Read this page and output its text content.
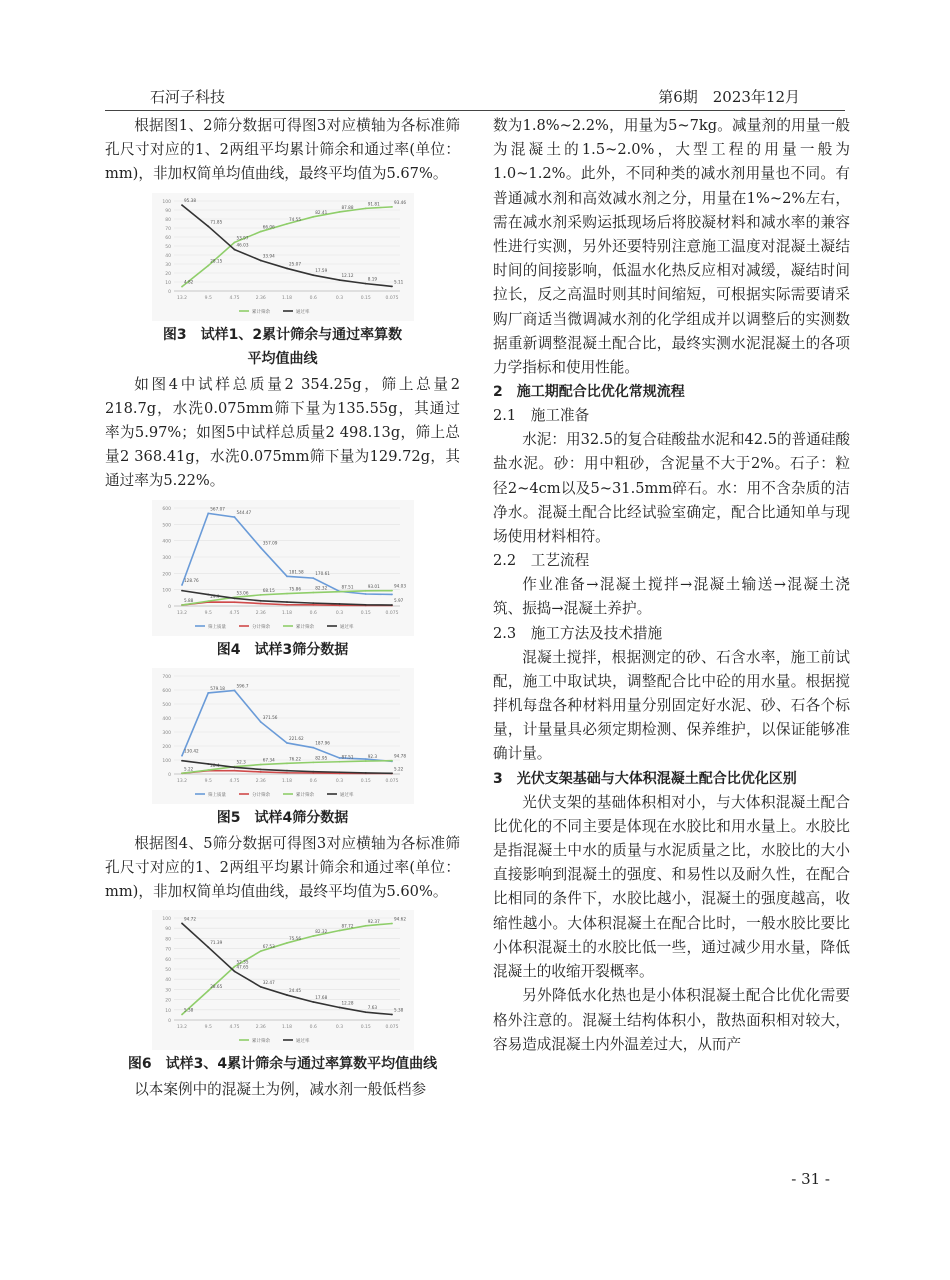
石河子科技	第6期　2023年12月

根据图1、2筛分数据可得图3对应横轴为各标准筛孔尺寸对应的1、2两组平均累计筛余和通过率(单位：mm)，非加权简单均值曲线，最终平均值为5.67%。

0
10
20
30
40
50
60
70
80
90
100
13.2	9.5	4.75	2.36	1.18	0.6	0.3	0.15	0.075
4.82
28.15
53.97
66.06
74.55
82.41
87.88
91.81	93.46
95.38
71.85
46.03
33.94
25.07
17.59
12.12
8.19
5.11
累计筛余	通过率
图3　试样1、2累计筛余与通过率算数
平均值曲线

如图4中试样总质量2 354.25g，筛上总量2 218.7g，水洗0.075mm筛下量为135.55g，其通过率为5.97%；如图5中试样总质量2 498.13g，筛上总量2 368.41g，水洗0.075mm筛下量为129.72g，其通过率为5.22%。

0
100
200
300
400
500
600
13.2	9.5	4.75	2.36	1.18	0.6	0.3	0.15	0.075
128.76
567.07
544.47
357.09
181.58	170.61
5.88
29.9
53.06	68.15	75.86	82.32	87.51	93.01	94.03
5.97
筛上质量	分计筛余	累计筛余	通过率
图4　试样3筛分数据
0
100
200
300
400
500
600
700
13.2	9.5	4.75	2.36	1.18	0.6	0.3	0.15	0.075
130.42
579.18	596.7
371.56
221.62
187.96
5.22
28.4
52.3	67.34	76.22	82.95	87.51	92.3	94.78
5.22
筛上质量	分计筛余	累计筛余	通过率
图5　试样4筛分数据

根据图4、5筛分数据可得图3对应横轴为各标准筛孔尺寸对应的1、2两组平均累计筛余和通过率(单位：mm)，非加权简单均值曲线，最终平均值为5.60%。

0
10
20
30
40
50
60
70
80
90
100
13.2	9.5	4.75	2.36	1.18	0.6	0.3	0.15	0.075
5.38
28.65
52.35
67.53
75.56
82.32
87.72
92.37	94.62
94.72
71.39
47.65
32.47
24.45
17.68
12.28
7.63	5.38
累计筛余	通过率
图6　试样3、4累计筛余与通过率算数平均值曲线

以本案例中的混凝土为例，减水剂一般低档参

数为1.8%~2.2%，用量为5~7kg。减量剂的用量一般为混凝土的1.5~2.0%，大型工程的用量一般为1.0~1.2%。此外，不同种类的减水剂用量也不同。有普通减水剂和高效减水剂之分，用量在1%~2%左右，需在减水剂采购运抵现场后将胶凝材料和减水率的兼容性进行实测，另外还要特别注意施工温度对混凝土凝结时间的间接影响，低温水化热反应相对减缓，凝结时间拉长，反之高温时则其时间缩短，可根据实际需要请采购厂商适当微调减水剂的化学组成并以调整后的实测数据重新调整混凝土配合比，最终实测水泥混凝土的各项力学指标和使用性能。

2　施工期配合比优化常规流程
2.1　施工准备

水泥：用32.5的复合硅酸盐水泥和42.5的普通硅酸盐水泥。砂：用中粗砂，含泥量不大于2%。石子：粒径2~4cm以及5~31.5mm碎石。水：用不含杂质的洁净水。混凝土配合比经试验室确定，配合比通知单与现场使用材料相符。

2.2　工艺流程

作业准备→混凝土搅拌→混凝土输送→混凝土浇筑、振捣→混凝土养护。

2.3　施工方法及技术措施

混凝土搅拌，根据测定的砂、石含水率，施工前试配，施工中取试块，调整配合比中砼的用水量。根据搅拌机每盘各种材料用量分别固定好水泥、砂、石各个标量，计量量具必须定期检测、保养维护，以保证能够准确计量。

3　光伏支架基础与大体积混凝土配合比优化区别

光伏支架的基础体积相对小，与大体积混凝土配合比优化的不同主要是体现在水胶比和用水量上。水胶比是指混凝土中水的质量与水泥质量之比，水胶比的大小直接影响到混凝土的强度、和易性以及耐久性，在配合比相同的条件下，水胶比越小，混凝土的强度越高，收缩性越小。大体积混凝土在配合比时，一般水胶比要比小体积混凝土的水胶比低一些，通过减少用水量，降低混凝土的收缩开裂概率。

另外降低水化热也是小体积混凝土配合比优化需要格外注意的。混凝土结构体积小，散热面积相对较大，容易造成混凝土内外温差过大，从而产

- 31 -
